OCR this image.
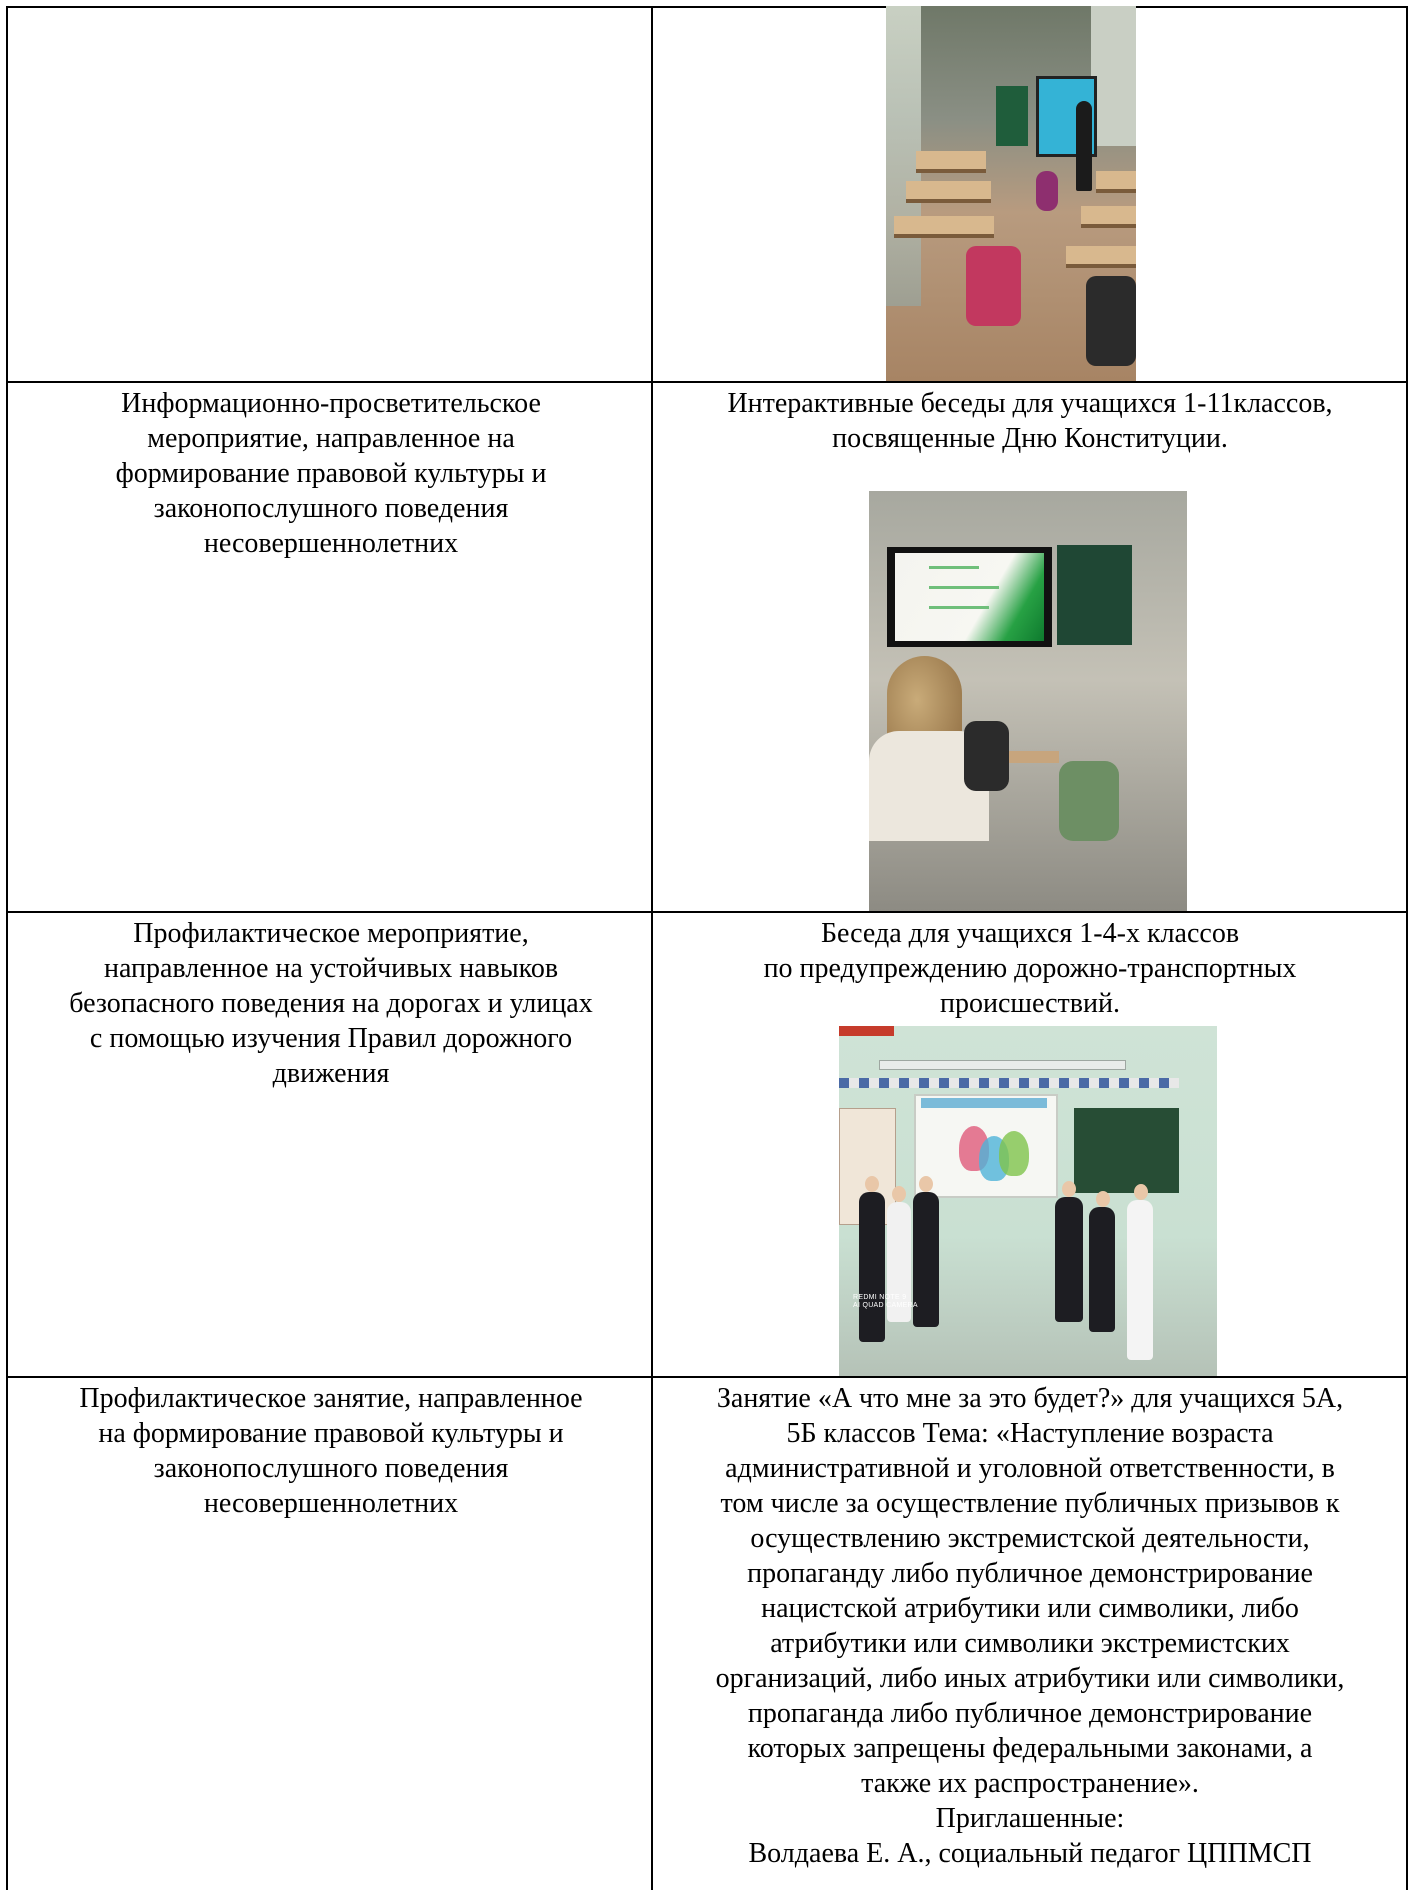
Информационно-просветительское
мероприятие, направленное на
формирование правовой культуры и
законопослушного поведения
несовершеннолетних
Интерактивные беседы для учащихся 1-11классов,
посвященные Дню Конституции.
Профилактическое мероприятие,
направленное на устойчивых навыков
безопасного поведения на дорогах и улицах
с помощью изучения Правил дорожного
движения
Беседа для учащихся 1-4-х классов
по предупреждению дорожно-транспортных
происшествий.
REDMI NOTE 9
AI QUAD CAMERA
Профилактическое занятие, направленное
на формирование правовой культуры и
законопослушного поведения
несовершеннолетних
Занятие «А что мне за это будет?» для учащихся 5А,
5Б классов Тема: «Наступление возраста
административной и уголовной ответственности, в
том числе за осуществление публичных призывов к
осуществлению экстремистской деятельности,
пропаганду либо публичное демонстрирование
нацистской атрибутики или символики, либо
атрибутики или символики экстремистских
организаций, либо иных атрибутики или символики,
пропаганда либо публичное демонстрирование
которых запрещены федеральными законами, а
также их распространение».
Приглашенные:
Волдаева Е. А., социальный педагог ЦППМСП
